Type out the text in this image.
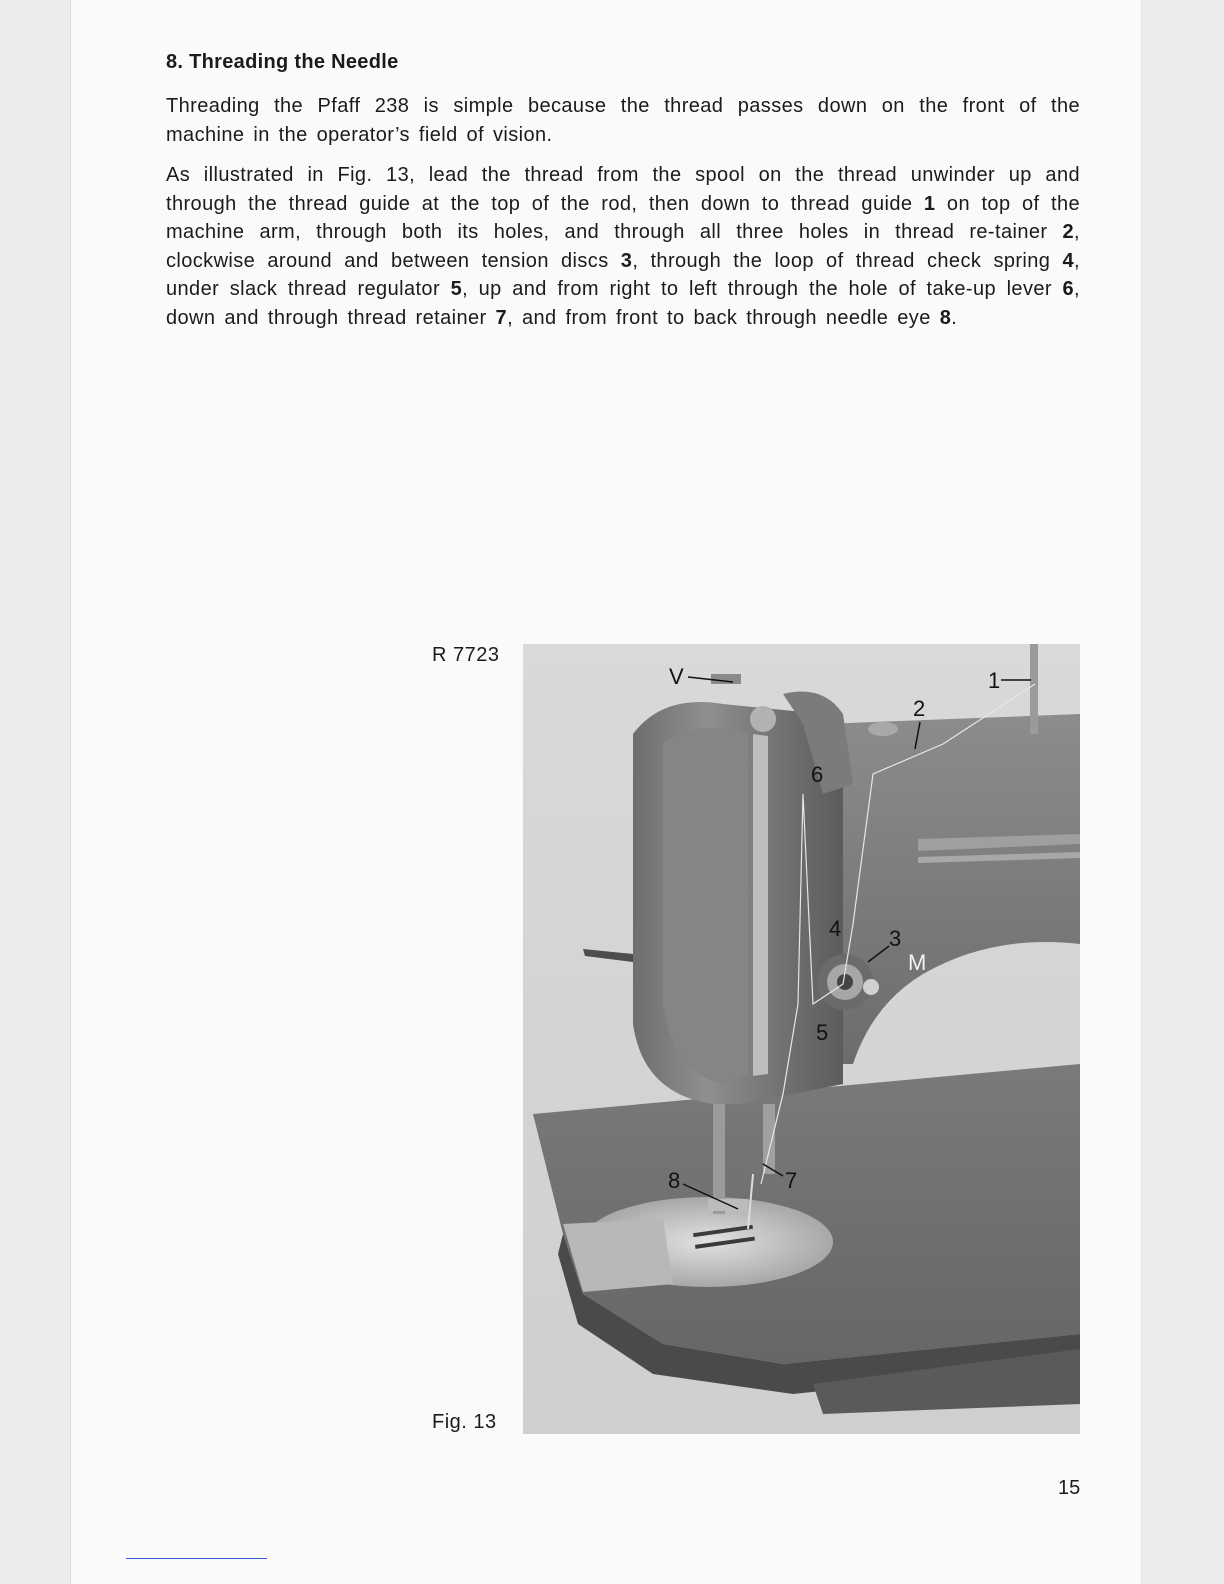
8. Threading the Needle

Threading the Pfaff 238 is simple because the thread passes down on the front of the machine in the operator’s field of vision.

As illustrated in Fig. 13, lead the thread from the spool on the thread unwinder up and through the thread guide at the top of the rod, then down to thread guide 1 on top of the machine arm, through both its holes, and through all three holes in thread re-tainer 2, clockwise around and between tension discs 3, through the loop of thread check spring 4, under slack thread regulator 5, up and from right to left through the hole of take-up lever 6, down and through thread retainer 7, and from front to back through needle eye 8.

R 7723
V	1
2
6
4 3
M
5
8	7
Fig. 13
15
